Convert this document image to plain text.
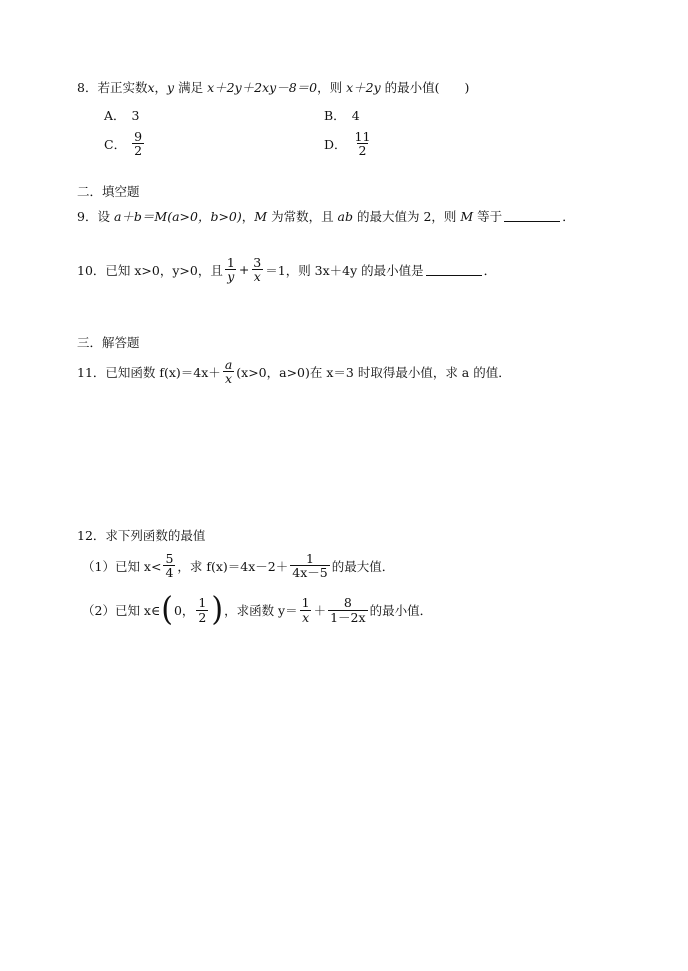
8． 若正实数 x ， y 满足 x＋2y＋2xy－8＝0 ，则 x＋2y 的最小值(　　)
A． 3	B． 4
C． $\frac{9}{2}$	D． $\frac{11}{2}$
二．填空题
9． 设 a＋b＝M(a>0，b>0) ， M 为常数，且 ab 的最大值为 2，则 M 等于	．
10． 已知 x>0，y>0，且 $\frac{1}{y} + \frac{3}{x} =1$，则 3x＋4y 的最小值是	．
三．解答题
11． 已知函数 $f(x)=4x+ \frac{a}{x} (x>0$，a>0)在 x＝3 时取得最小值，求 a 的值．
12． 求下列函数的最值
（1）已知 $x< \frac{5}{4}$ ，求 $f(x)=4x-2+ \frac{1}{4x-5}$ 的最大值．
（2）已知 x∈ ( 0， $\frac{1}{2}$ ) ，求函数 $y= \frac{1}{x} + \frac{8}{1-2x}$ 的最小值．
